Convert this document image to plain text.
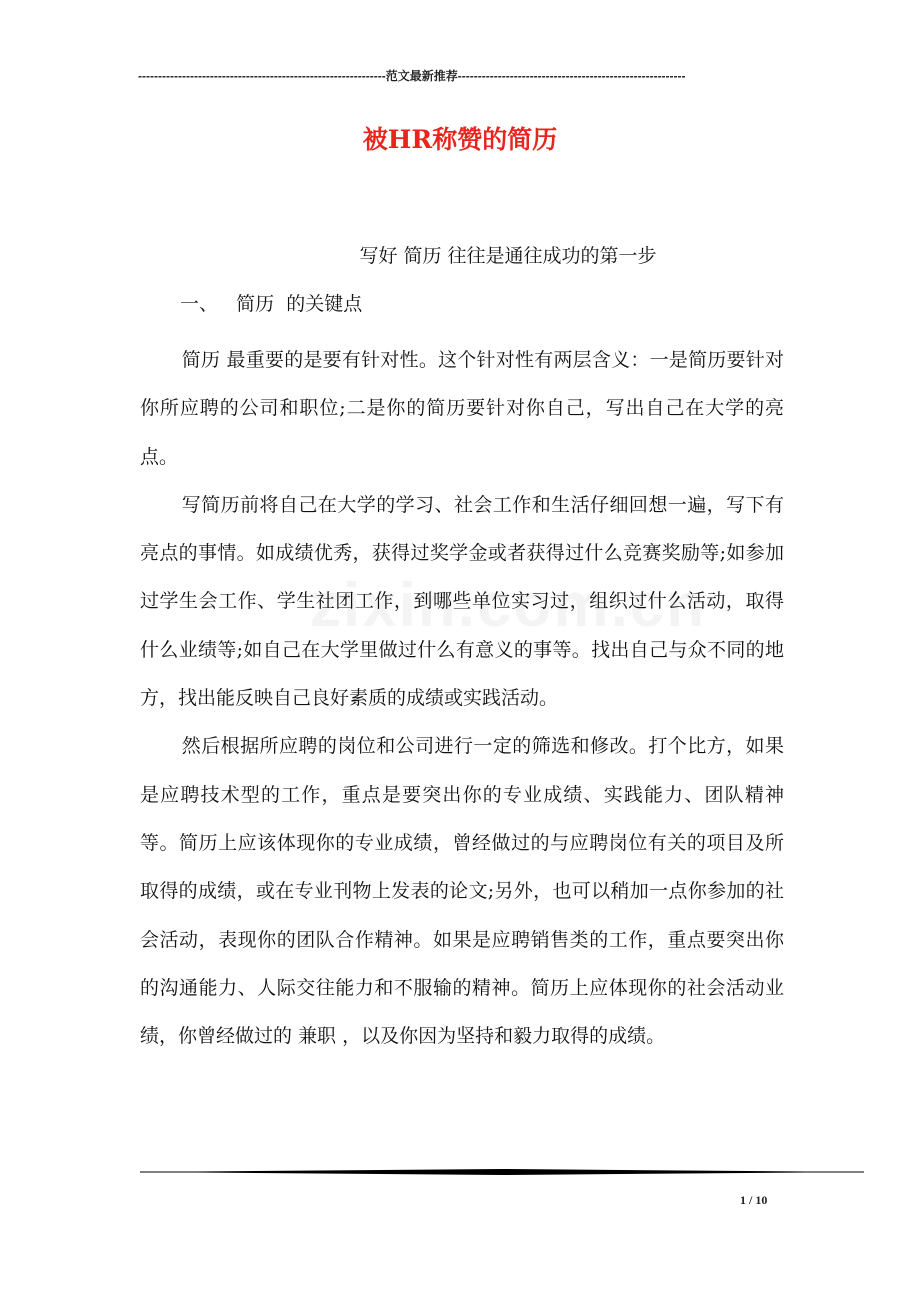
--------------------------------------------------------------范文最新推荐---------------------------------------------------------
被HR称赞的简历
写好 简历 往往是通往成功的第一步
一、   简历  的关键点

简历 最重要的是要有针对性。这个针对性有两层含义：一是简历要针对你所应聘的公司和职位;二是你的简历要针对你自己，写出自己在大学的亮点。

写简历前将自己在大学的学习、社会工作和生活仔细回想一遍，写下有亮点的事情。如成绩优秀，获得过奖学金或者获得过什么竞赛奖励等;如参加过学生会工作、学生社团工作，到哪些单位实习过，组织过什么活动，取得什么业绩等;如自己在大学里做过什么有意义的事等。找出自己与众不同的地方，找出能反映自己良好素质的成绩或实践活动。

然后根据所应聘的岗位和公司进行一定的筛选和修改。打个比方，如果是应聘技术型的工作，重点是要突出你的专业成绩、实践能力、团队精神等。简历上应该体现你的专业成绩，曾经做过的与应聘岗位有关的项目及所取得的成绩，或在专业刊物上发表的论文;另外，也可以稍加一点你参加的社会活动，表现你的团队合作精神。如果是应聘销售类的工作，重点要突出你的沟通能力、人际交往能力和不服输的精神。简历上应体现你的社会活动业绩，你曾经做过的 兼职 ，以及你因为坚持和毅力取得的成绩。

1 / 10
